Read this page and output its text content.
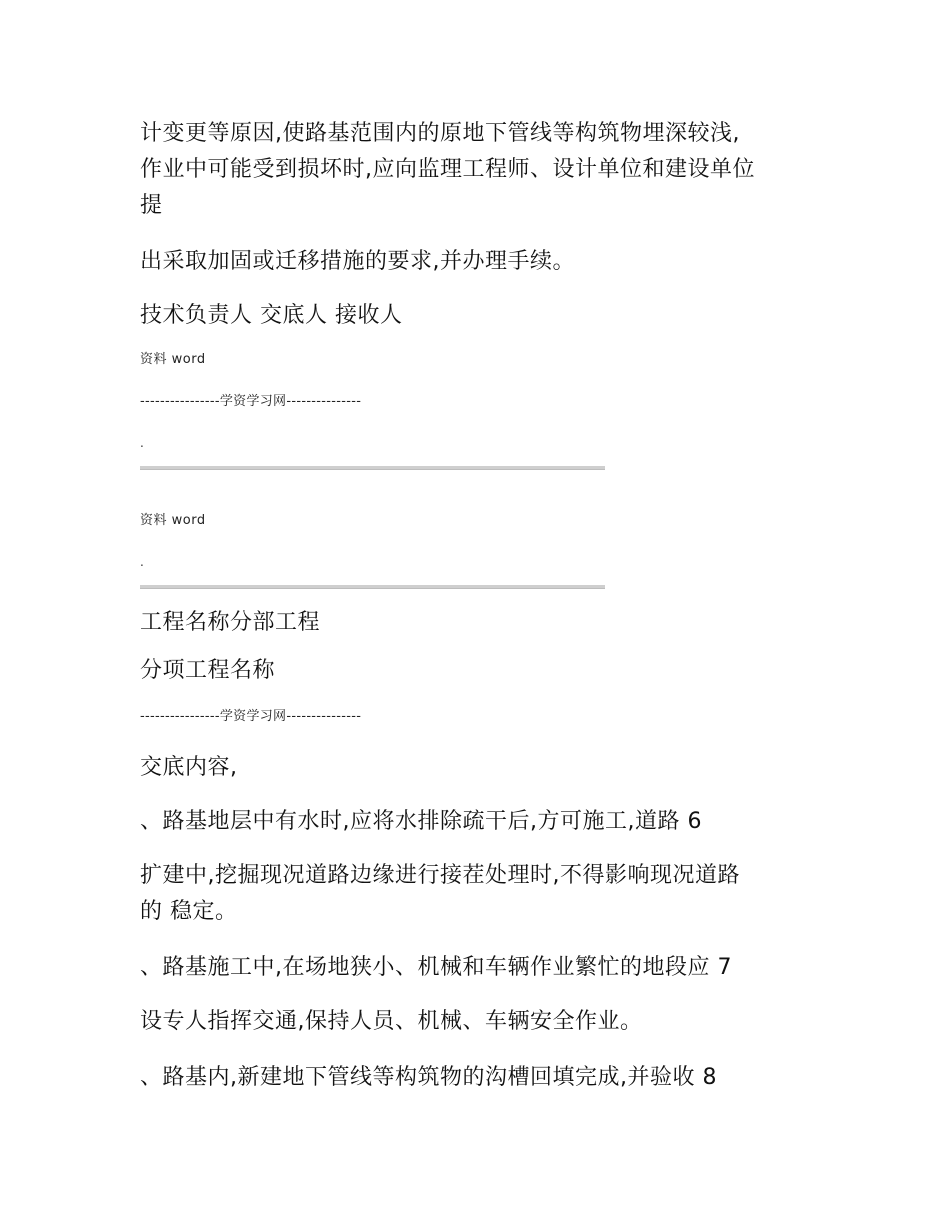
计变更等原因,使路基范围内的原地下管线等构筑物埋深较浅,

作业中可能受到损坏时,应向监理工程师、设计单位和建设单位

提

出采取加固或迁移措施的要求,并办理手续。

技术负责人 交底人 接收人

资料 word

----------------学资学习网---------------

.

资料 word

.

工程名称分部工程

分项工程名称

----------------学资学习网---------------

交底内容,

、路基地层中有水时,应将水排除疏干后,方可施工,道路 6

扩建中,挖掘现况道路边缘进行接茬处理时,不得影响现况道路

的 稳定。

、路基施工中,在场地狭小、机械和车辆作业繁忙的地段应 7

设专人指挥交通,保持人员、机械、车辆安全作业。

、路基内,新建地下管线等构筑物的沟槽回填完成,并验收 8
